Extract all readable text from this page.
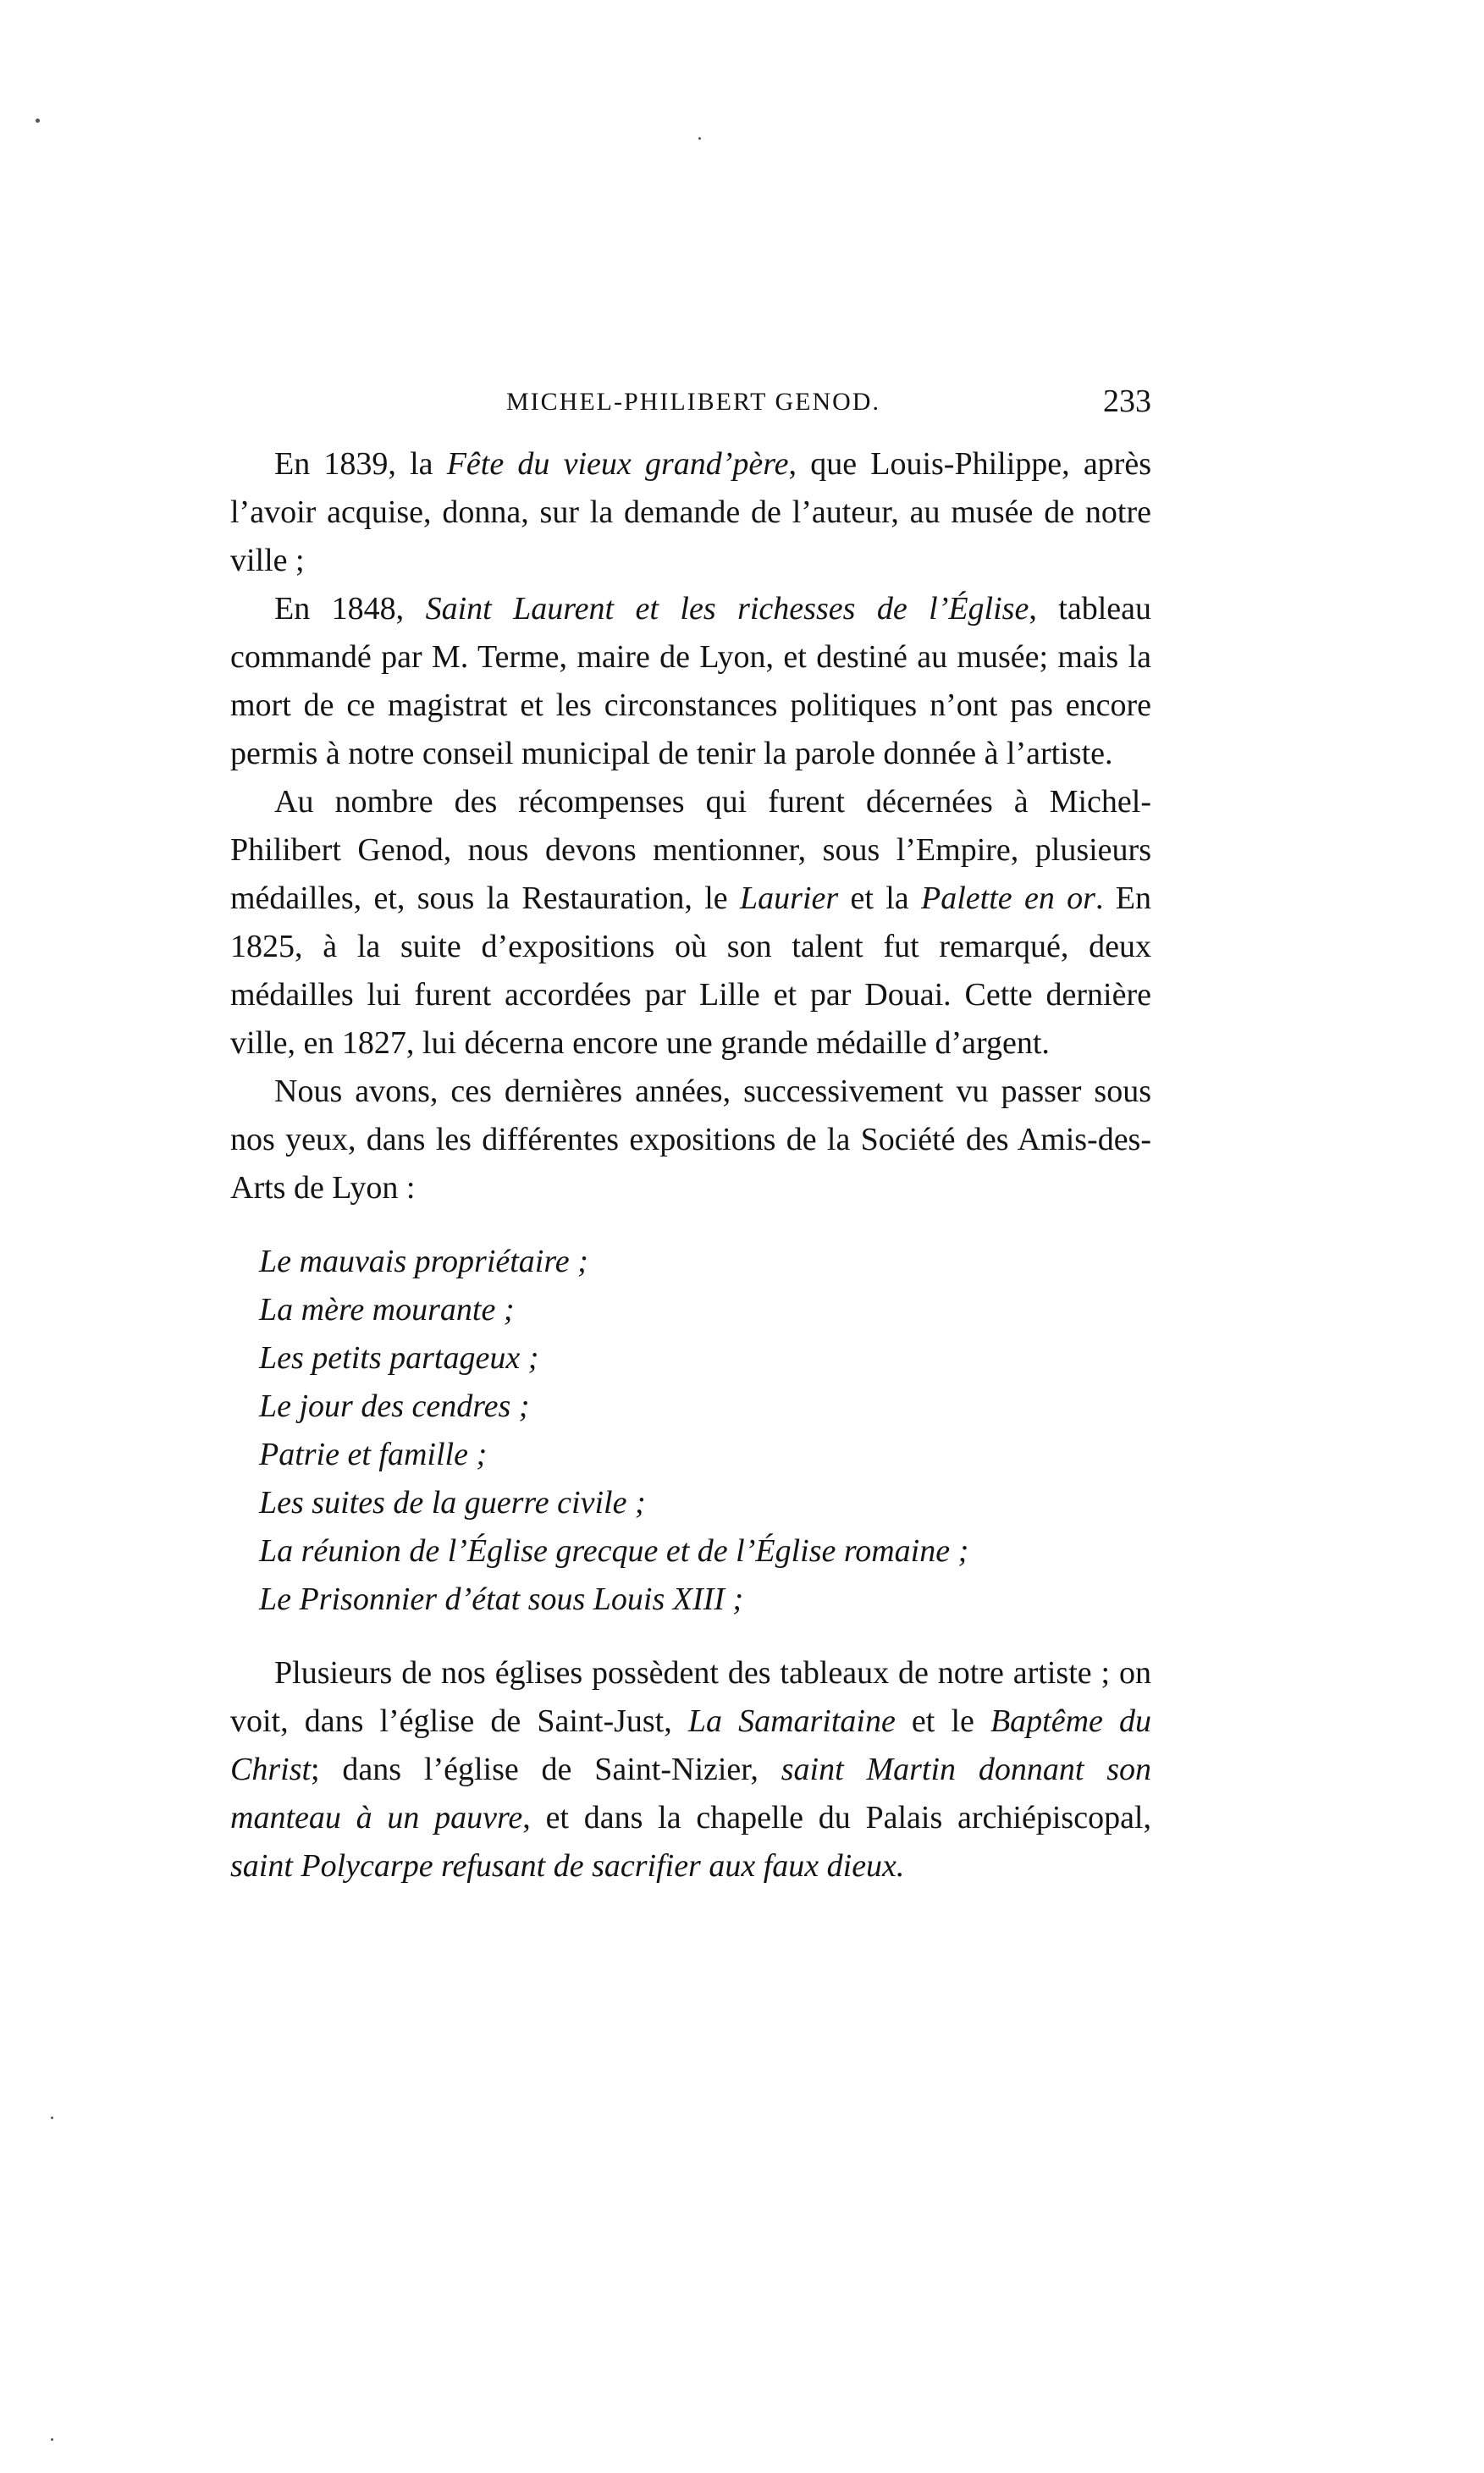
MICHEL-PHILIBERT GENOD.	233

En 1839, la Fête du vieux grand’père, que Louis-Philippe, après l’avoir acquise, donna, sur la demande de l’auteur, au musée de notre ville ;

En 1848, Saint Laurent et les richesses de l’Église, tableau commandé par M. Terme, maire de Lyon, et destiné au musée; mais la mort de ce magistrat et les circonstances politiques n’ont pas encore permis à notre conseil municipal de tenir la parole donnée à l’artiste.

Au nombre des récompenses qui furent décernées à Michel-Philibert Genod, nous devons mentionner, sous l’Empire, plusieurs médailles, et, sous la Restauration, le Laurier et la Palette en or. En 1825, à la suite d’expositions où son talent fut remarqué, deux médailles lui furent accordées par Lille et par Douai. Cette dernière ville, en 1827, lui décerna encore une grande médaille d’argent.

Nous avons, ces dernières années, successivement vu passer sous nos yeux, dans les différentes expositions de la Société des Amis-des-Arts de Lyon :

Le mauvais propriétaire ;
La mère mourante ;
Les petits partageux ;
Le jour des cendres ;
Patrie et famille ;
Les suites de la guerre civile ;
La réunion de l’Église grecque et de l’Église romaine ;
Le Prisonnier d’état sous Louis XIII ;

Plusieurs de nos églises possèdent des tableaux de notre artiste ; on voit, dans l’église de Saint-Just, La Samaritaine et le Baptême du Christ; dans l’église de Saint-Nizier, saint Martin donnant son manteau à un pauvre, et dans la chapelle du Palais archiépiscopal, saint Polycarpe refusant de sacrifier aux faux dieux.
